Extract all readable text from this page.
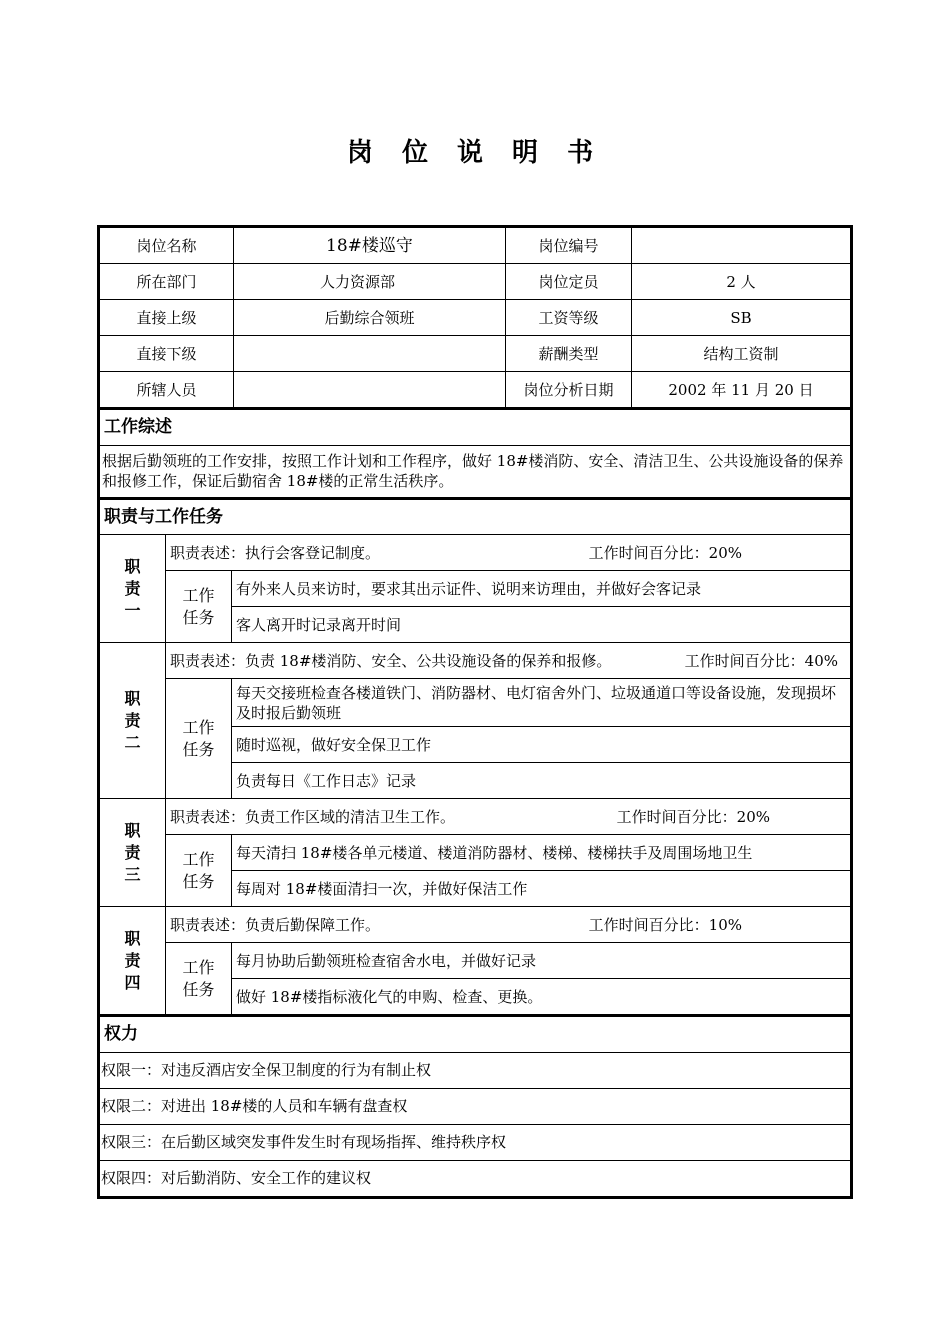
岗 位 说 明 书
岗位名称	18#楼巡守	岗位编号	
所在部门	人力资源部	岗位定员	2 人
直接上级	后勤综合领班	工资等级	SB
直接下级		薪酬类型	结构工资制
所辖人员		岗位分析日期	2002 年 11 月 20 日
工作综述
根据后勤领班的工作安排，按照工作计划和工作程序，做好 18#楼消防、安全、清洁卫生、公共设施设备的保养和报修工作，保证后勤宿舍 18#楼的正常生活秩序。
职责与工作任务		
职责一	职责表述：执行会客登记制度。 工作时间百分比：20%	

	工作任务	有外来人员来访时，要求其出示证件、说明来访理由，并做好会客记录
		客人离开时记录离开时间
职责二	职责表述：负责 18#楼消防、安全、公共设施设备的保养和报修。 工作时间百分比：40%	

	工作任务	每天交接班检查各楼道铁门、消防器材、电灯宿舍外门、垃圾通道口等设备设施，发现损坏及时报后勤领班
		随时巡视，做好安全保卫工作
		负责每日《工作日志》记录
职责三	职责表述：负责工作区域的清洁卫生工作。 工作时间百分比：20%	

	工作任务	每天清扫 18#楼各单元楼道、楼道消防器材、楼梯、楼梯扶手及周围场地卫生
		每周对 18#楼面清扫一次，并做好保洁工作
职责四	职责表述：负责后勤保障工作。 工作时间百分比：10%	

	工作任务	每月协助后勤领班检查宿舍水电，并做好记录
		做好 18#楼指标液化气的申购、检查、更换。
权力
权限一：对违反酒店安全保卫制度的行为有制止权
权限二：对进出 18#楼的人员和车辆有盘查权
权限三：在后勤区域突发事件发生时有现场指挥、维持秩序权
权限四：对后勤消防、安全工作的建议权
